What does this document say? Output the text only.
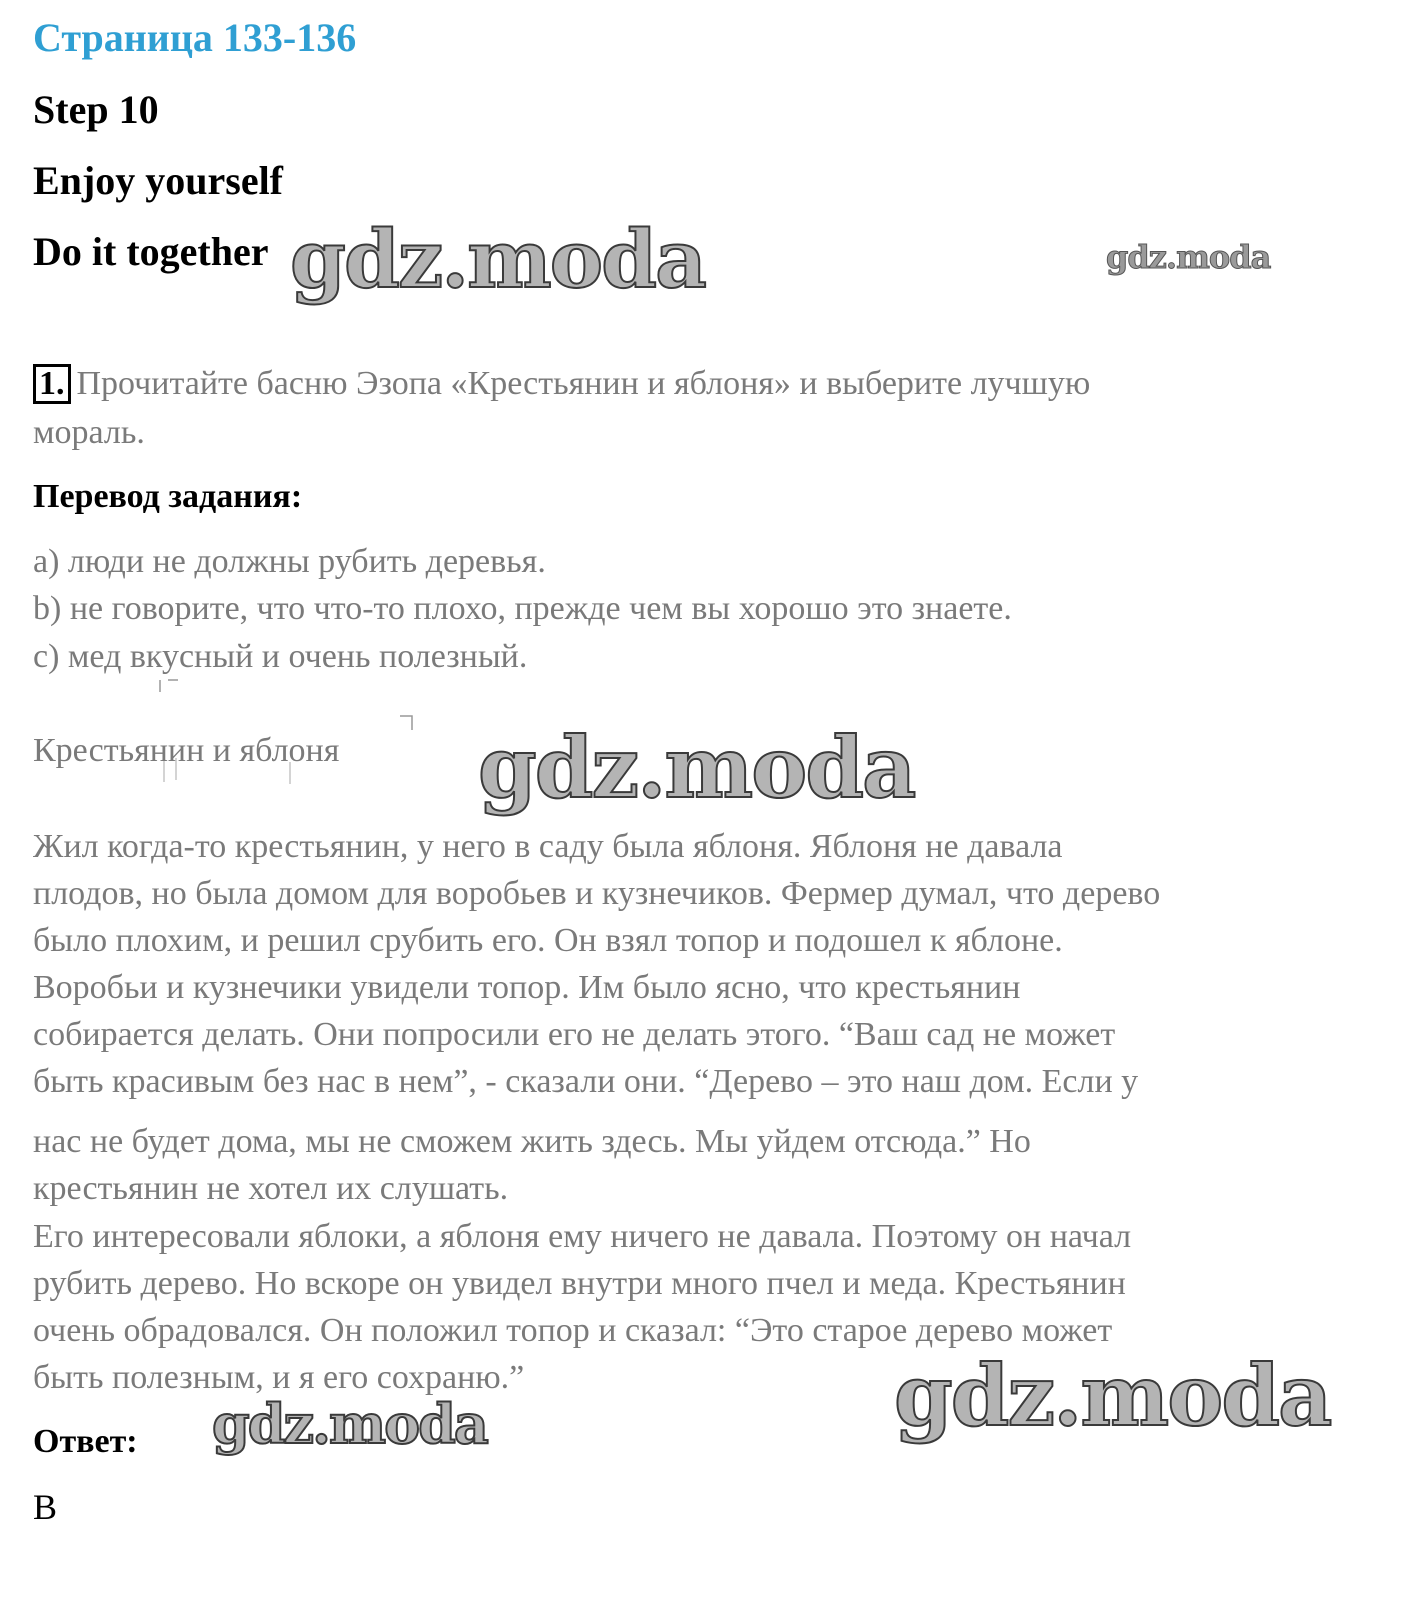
Страница 133-136
Step 10
Enjoy yourself
Do it together gdz.moda	gdz.moda
1. Прочитайте басню Эзопа «Крестьянин и яблоня» и выберите лучшую
мораль.
Перевод задания:
a) люди не должны рубить деревья.
b) не говорите, что что-то плохо, прежде чем вы хорошо это знаете.
c) мед вкусный и очень полезный.
Крестьянин и яблоня gdz.moda
Жил когда-то крестьянин, у него в саду была яблоня. Яблоня не давала
плодов, но была домом для воробьев и кузнечиков. Фермер думал, что дерево
было плохим, и решил срубить его. Он взял топор и подошел к яблоне.
Воробьи и кузнечики увидели топор. Им было ясно, что крестьянин
собирается делать. Они попросили его не делать этого. “Ваш сад не может
быть красивым без нас в нем”, - сказали они. “Дерево – это наш дом. Если у
нас не будет дома, мы не сможем жить здесь. Мы уйдем отсюда.” Но
крестьянин не хотел их слушать.
Его интересовали яблоки, а яблоня ему ничего не давала. Поэтому он начал
рубить дерево. Но вскоре он увидел внутри много пчел и меда. Крестьянин
очень обрадовался. Он положил топор и сказал: “Это старое дерево может
быть полезным, и я его сохраню.”	gdz.moda
Ответ: gdz.moda
B
